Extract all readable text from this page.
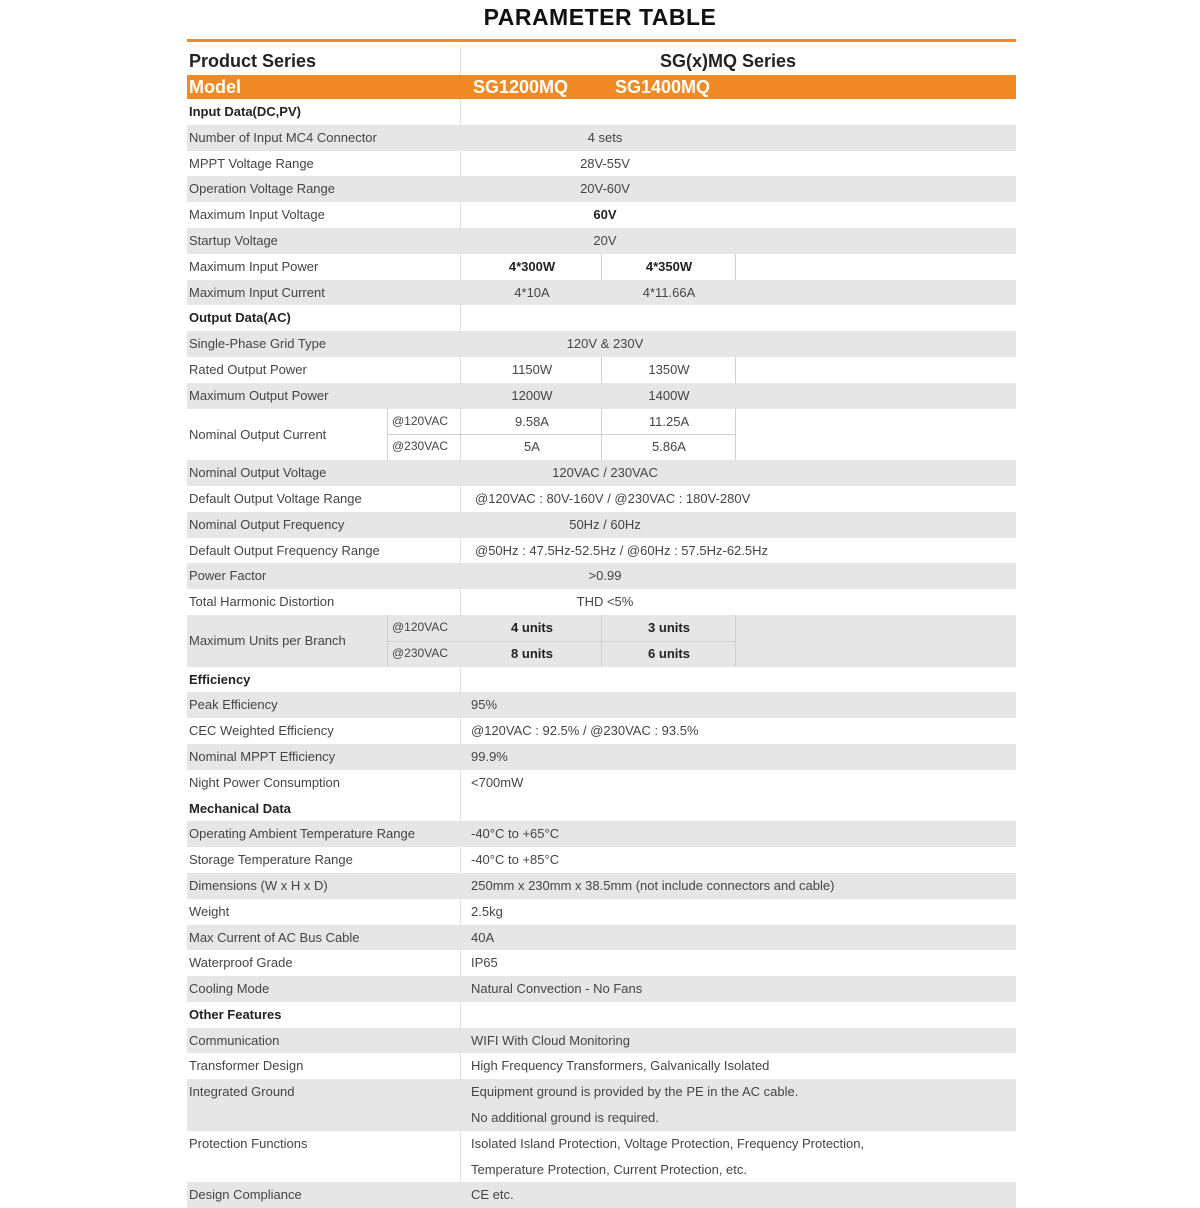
PARAMETER TABLE
Product Series	SG(x)MQ Series
Model	SG1200MQ	SG1400MQ
Input Data(DC,PV)
Number of Input MC4 Connector	4 sets
MPPT Voltage Range	28V-55V
Operation Voltage Range	20V-60V
Maximum Input Voltage	60V
Startup Voltage	20V
Maximum Input Power	4*300W	4*350W
Maximum Input Current	4*10A	4*11.66A
Output Data(AC)
Single-Phase Grid Type	120V & 230V
Rated Output Power	1150W	1350W
Maximum Output Power	1200W	1400W
Nominal Output Current
@120VAC	9.58A	11.25A
@230VAC	5A	5.86A
Nominal Output Voltage	120VAC / 230VAC
Default Output Voltage Range	@120VAC : 80V-160V / @230VAC : 180V-280V
Nominal Output Frequency	50Hz / 60Hz
Default Output Frequency Range	@50Hz : 47.5Hz-52.5Hz / @60Hz : 57.5Hz-62.5Hz
Power Factor	>0.99
Total Harmonic Distortion	THD <5%
Maximum Units per Branch
@120VAC	4 units	3 units
@230VAC	8 units	6 units
Efficiency
Peak Efficiency	95%
CEC Weighted Efficiency	@120VAC : 92.5% / @230VAC : 93.5%
Nominal MPPT Efficiency	99.9%
Night Power Consumption	<700mW
Mechanical Data
Operating Ambient Temperature Range	-40°C to +65°C
Storage Temperature Range	-40°C to +85°C
Dimensions (W x H x D)	250mm x 230mm x 38.5mm (not include connectors and cable)
Weight	2.5kg
Max Current of AC Bus Cable	40A
Waterproof Grade	IP65
Cooling Mode	Natural Convection - No Fans
Other Features
Communication	WIFI With Cloud Monitoring
Transformer Design	High Frequency Transformers, Galvanically Isolated
Integrated Ground	Equipment ground is provided by the PE in the AC cable.
No additional ground is required.
Protection Functions	Isolated Island Protection, Voltage Protection, Frequency Protection,
Temperature Protection, Current Protection, etc.
Design Compliance	CE etc.
